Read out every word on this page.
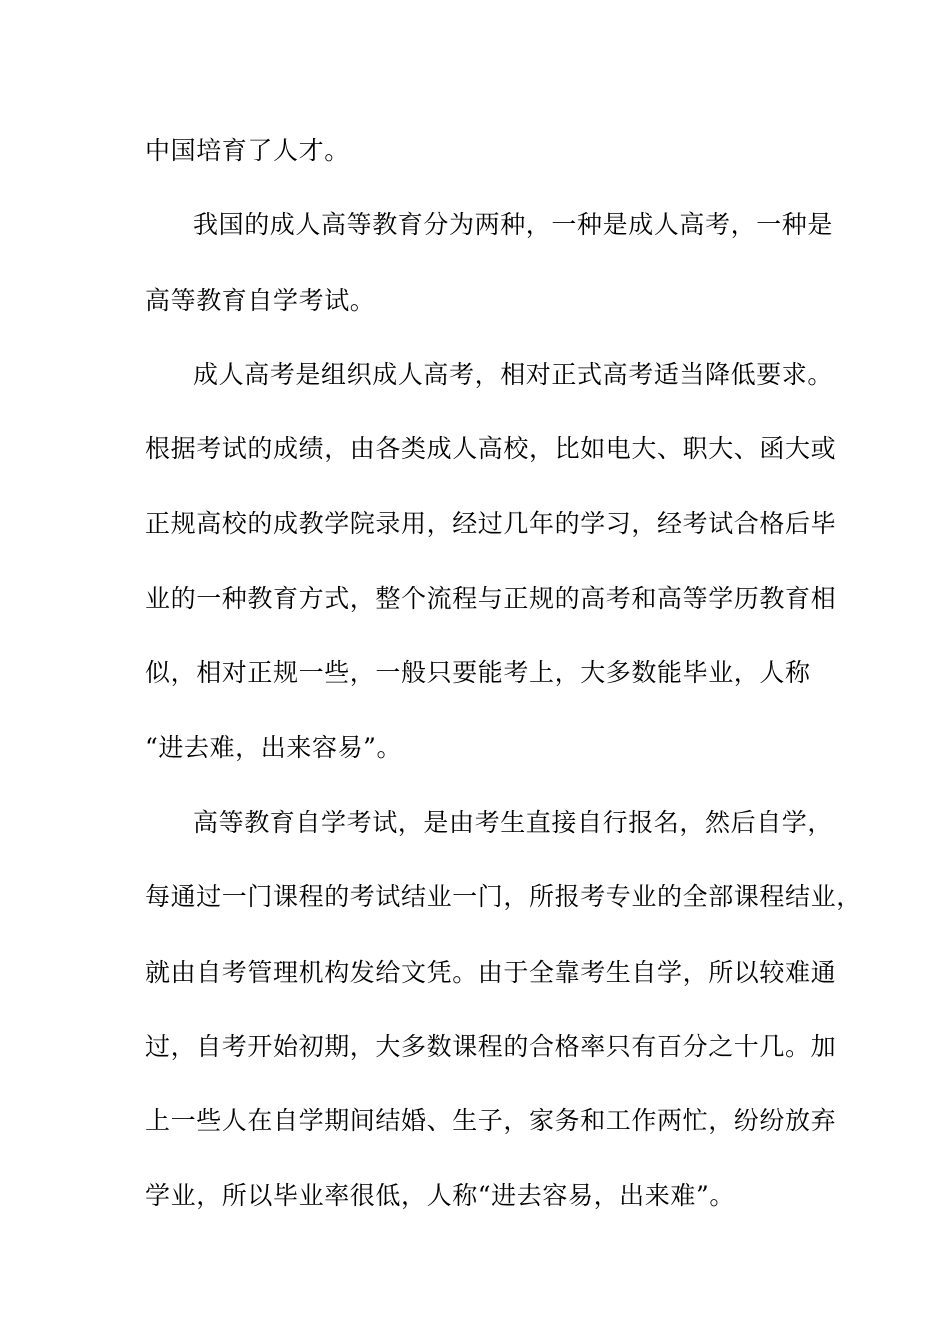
中国培育了人才。
我国的成人高等教育分为两种，一种是成人高考，一种是
高等教育自学考试。
成人高考是组织成人高考，相对正式高考适当降低要求。
根据考试的成绩，由各类成人高校，比如电大、职大、函大或
正规高校的成教学院录用，经过几年的学习，经考试合格后毕
业的一种教育方式，整个流程与正规的高考和高等学历教育相
似，相对正规一些，一般只要能考上，大多数能毕业，人称
“进去难，出来容易”。
高等教育自学考试，是由考生直接自行报名，然后自学，
每通过一门课程的考试结业一门，所报考专业的全部课程结业，
就由自考管理机构发给文凭。由于全靠考生自学，所以较难通
过，自考开始初期，大多数课程的合格率只有百分之十几。加
上一些人在自学期间结婚、生子，家务和工作两忙，纷纷放弃
学业，所以毕业率很低，人称“进去容易，出来难”。
